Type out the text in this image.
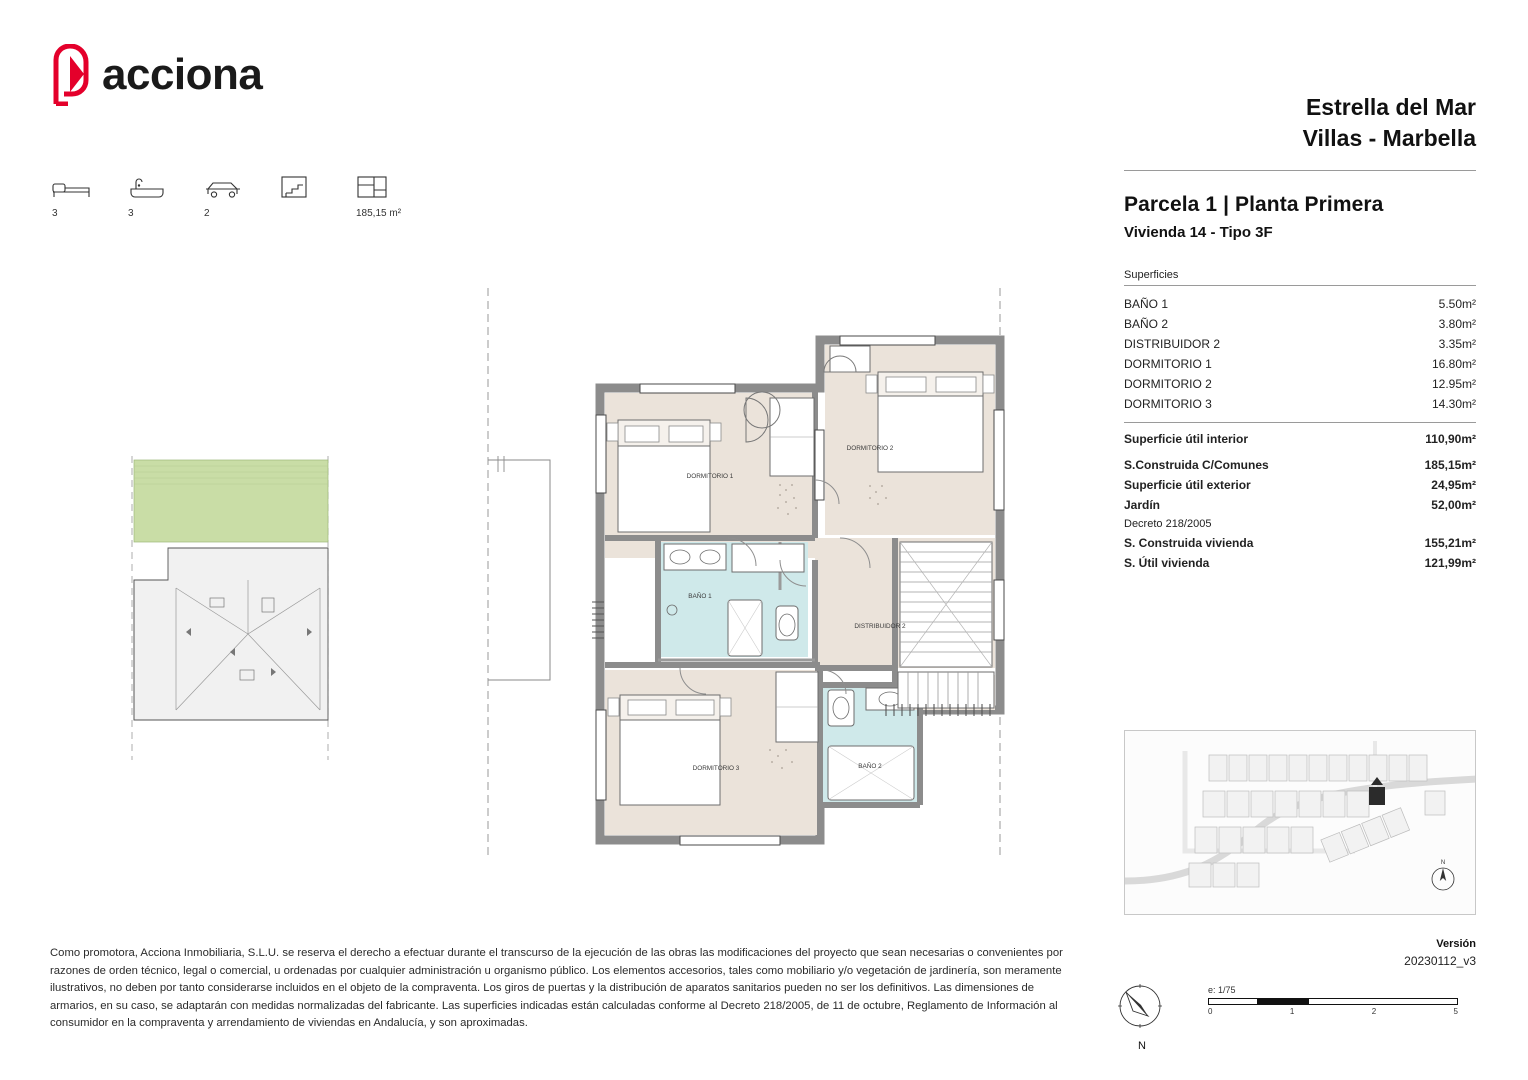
acciona
3	3	2	185,15 m²
Estrella del Mar
Villas - Marbella
Parcela 1 | Planta Primera
Vivienda 14 - Tipo 3F
Superficies
BAÑO 1	5.50m²
BAÑO 2	3.80m²
DISTRIBUIDOR 2	3.35m²
DORMITORIO 1	16.80m²
DORMITORIO 2	12.95m²
DORMITORIO 3	14.30m²
Superficie útil interior	110,90m²
S.Construida C/Comunes	185,15m²
Superficie útil exterior	24,95m²
Jardín	52,00m²
Decreto 218/2005
S. Construida vivienda	155,21m²
S. Útil vivienda	121,99m²
N
Versión
20230112_v3
e: 1/75
0	1	2	5
N
Como promotora, Acciona Inmobiliaria, S.L.U. se reserva el derecho a efectuar durante el transcurso de la ejecución de las obras las modificaciones del proyecto que sean necesarias o convenientes por razones de orden técnico, legal o comercial, u ordenadas por cualquier administración u organismo público. Los elementos accesorios, tales como mobiliario y/o vegetación de jardinería, son meramente ilustrativos, no deben por tanto considerarse incluidos en el objeto de la compraventa. Los giros de puertas y la distribución de aparatos sanitarios pueden no ser los definitivos. Las dimensiones de armarios, en su caso, se adaptarán con medidas normalizadas del fabricante. Las superficies indicadas están calculadas conforme al Decreto 218/2005, de 11 de octubre, Reglamento de Información al consumidor en la compraventa y arrendamiento de viviendas en Andalucía, y son aproximadas.
DORMITORIO 1
DORMITORIO 2
BAÑO 1
DISTRIBUIDOR 2
DORMITORIO 3	BAÑO 2
